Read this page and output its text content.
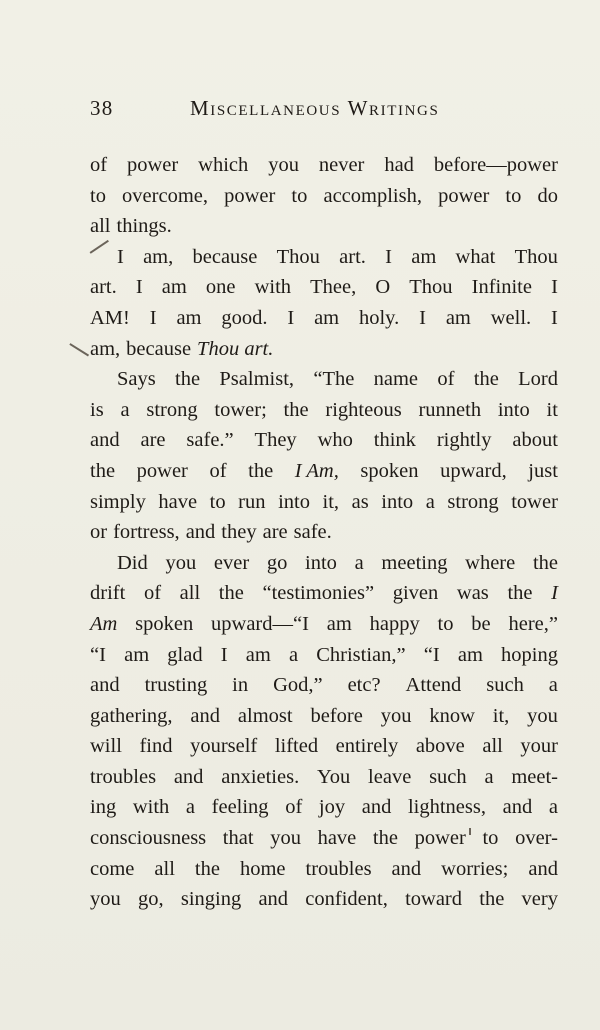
38	Miscellaneous Writings
of power which you never had before—power
to overcome, power to accomplish, power to do
all things.
I am, because Thou art. I am what Thou
art. I am one with Thee, O Thou Infinite I
AM! I am good. I am holy. I am well. I
am, because Thou art.
Says the Psalmist, “The name of the Lord
is a strong tower; the righteous runneth into it
and are safe.” They who think rightly about
the power of the I Am, spoken upward, just
simply have to run into it, as into a strong tower
or fortress, and they are safe.
Did you ever go into a meeting where the
drift of all the “testimonies” given was the I
Am spoken upward—“I am happy to be here,”
“I am glad I am a Christian,” “I am hoping
and trusting in God,” etc? Attend such a
gathering, and almost before you know it, you
will find yourself lifted entirely above all your
troubles and anxieties. You leave such a meet-
ing with a feeling of joy and lightness, and a
consciousness that you have the power to over-
come all the home troubles and worries; and
you go, singing and confident, toward the very
